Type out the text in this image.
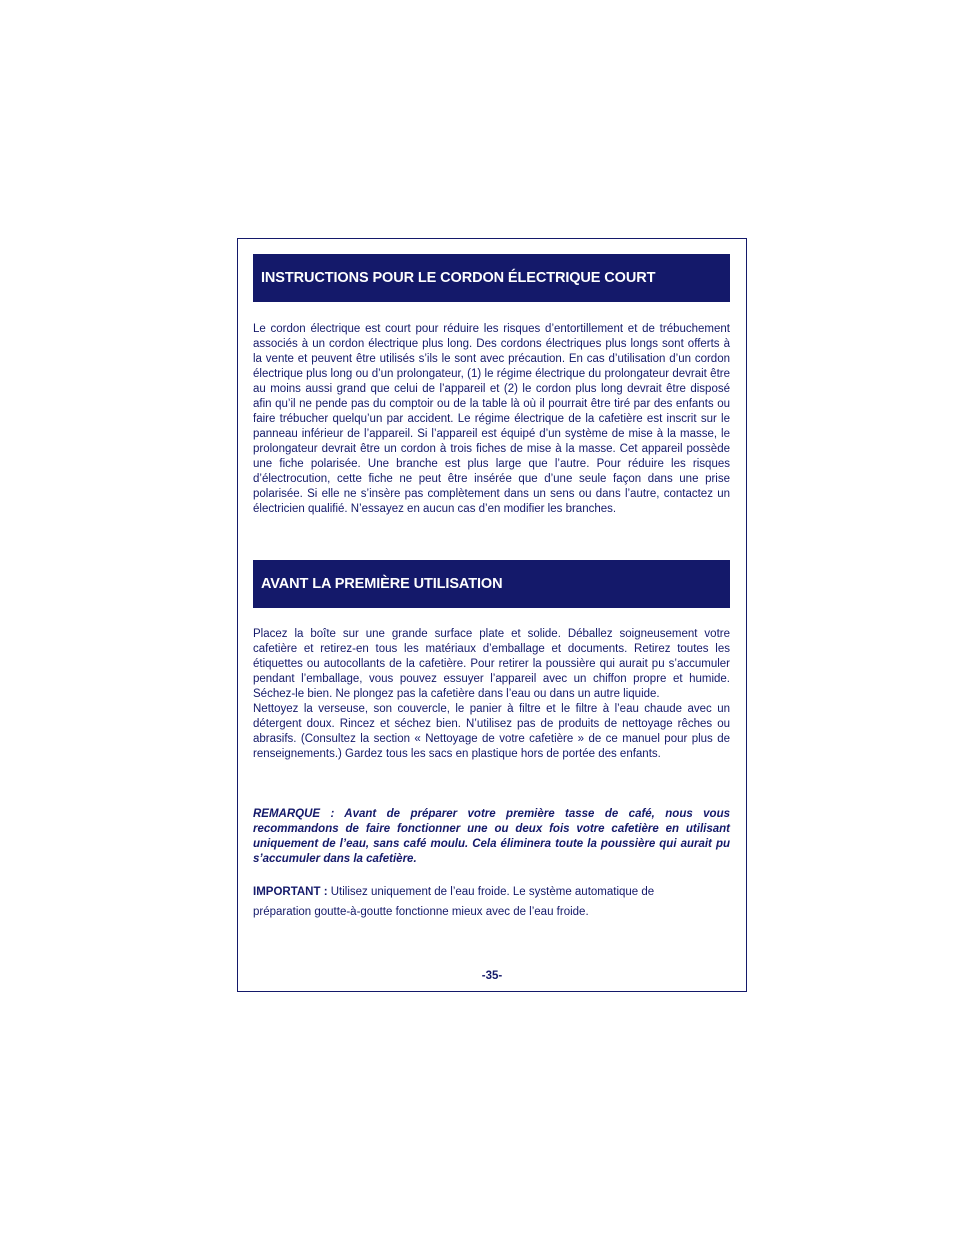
INSTRUCTIONS POUR LE CORDON ÉLECTRIQUE COURT

Le cordon électrique est court pour réduire les risques d’entortillement et de trébuchement associés à un cordon électrique plus long. Des cordons électriques plus longs sont offerts à la vente et peuvent être utilisés s’ils le sont avec précaution. En cas d’utilisation d’un cordon électrique plus long ou d’un prolongateur, (1) le régime électrique du prolongateur devrait être au moins aussi grand que celui de l’appareil et (2) le cordon plus long devrait être disposé afin qu’il ne pende pas du comptoir ou de la table là où il pourrait être tiré par des enfants ou faire trébucher quelqu’un par accident. Le régime électrique de la cafetière est inscrit sur le panneau inférieur de l’appareil. Si l’appareil est équipé d’un système de mise à la masse, le prolongateur devrait être un cordon à trois fiches de mise à la masse. Cet appareil possède une fiche polarisée. Une branche est plus large que l’autre. Pour réduire les risques d’électrocution, cette fiche ne peut être insérée que d’une seule façon dans une prise polarisée. Si elle ne s’insère pas complètement dans un sens ou dans l’autre, contactez un électricien qualifié. N’essayez en aucun cas d’en modifier les branches.

AVANT LA PREMIÈRE UTILISATION

Placez la boîte sur une grande surface plate et solide. Déballez soigneusement votre cafetière et retirez-en tous les matériaux d’emballage et documents. Retirez toutes les étiquettes ou autocollants de la cafetière. Pour retirer la poussière qui aurait pu s’accumuler pendant l’emballage, vous pouvez essuyer l’appareil avec un chiffon propre et humide. Séchez-le bien. Ne plongez pas la cafetière dans l’eau ou dans un autre liquide.

Nettoyez la verseuse, son couvercle, le panier à filtre et le filtre à l’eau chaude avec un détergent doux. Rincez et séchez bien. N’utilisez pas de produits de nettoyage rêches ou abrasifs. (Consultez la section « Nettoyage de votre cafetière » de ce manuel pour plus de renseignements.) Gardez tous les sacs en plastique hors de portée des enfants.

REMARQUE : Avant de préparer votre première tasse de café, nous vous recommandons de faire fonctionner une ou deux fois votre cafetière en utilisant uniquement de l’eau, sans café moulu. Cela éliminera toute la poussière qui aurait pu s’accumuler dans la cafetière.
IMPORTANT : Utilisez uniquement de l’eau froide. Le système automatique de préparation goutte-à-goutte fonctionne mieux avec de l’eau froide.
-35-
